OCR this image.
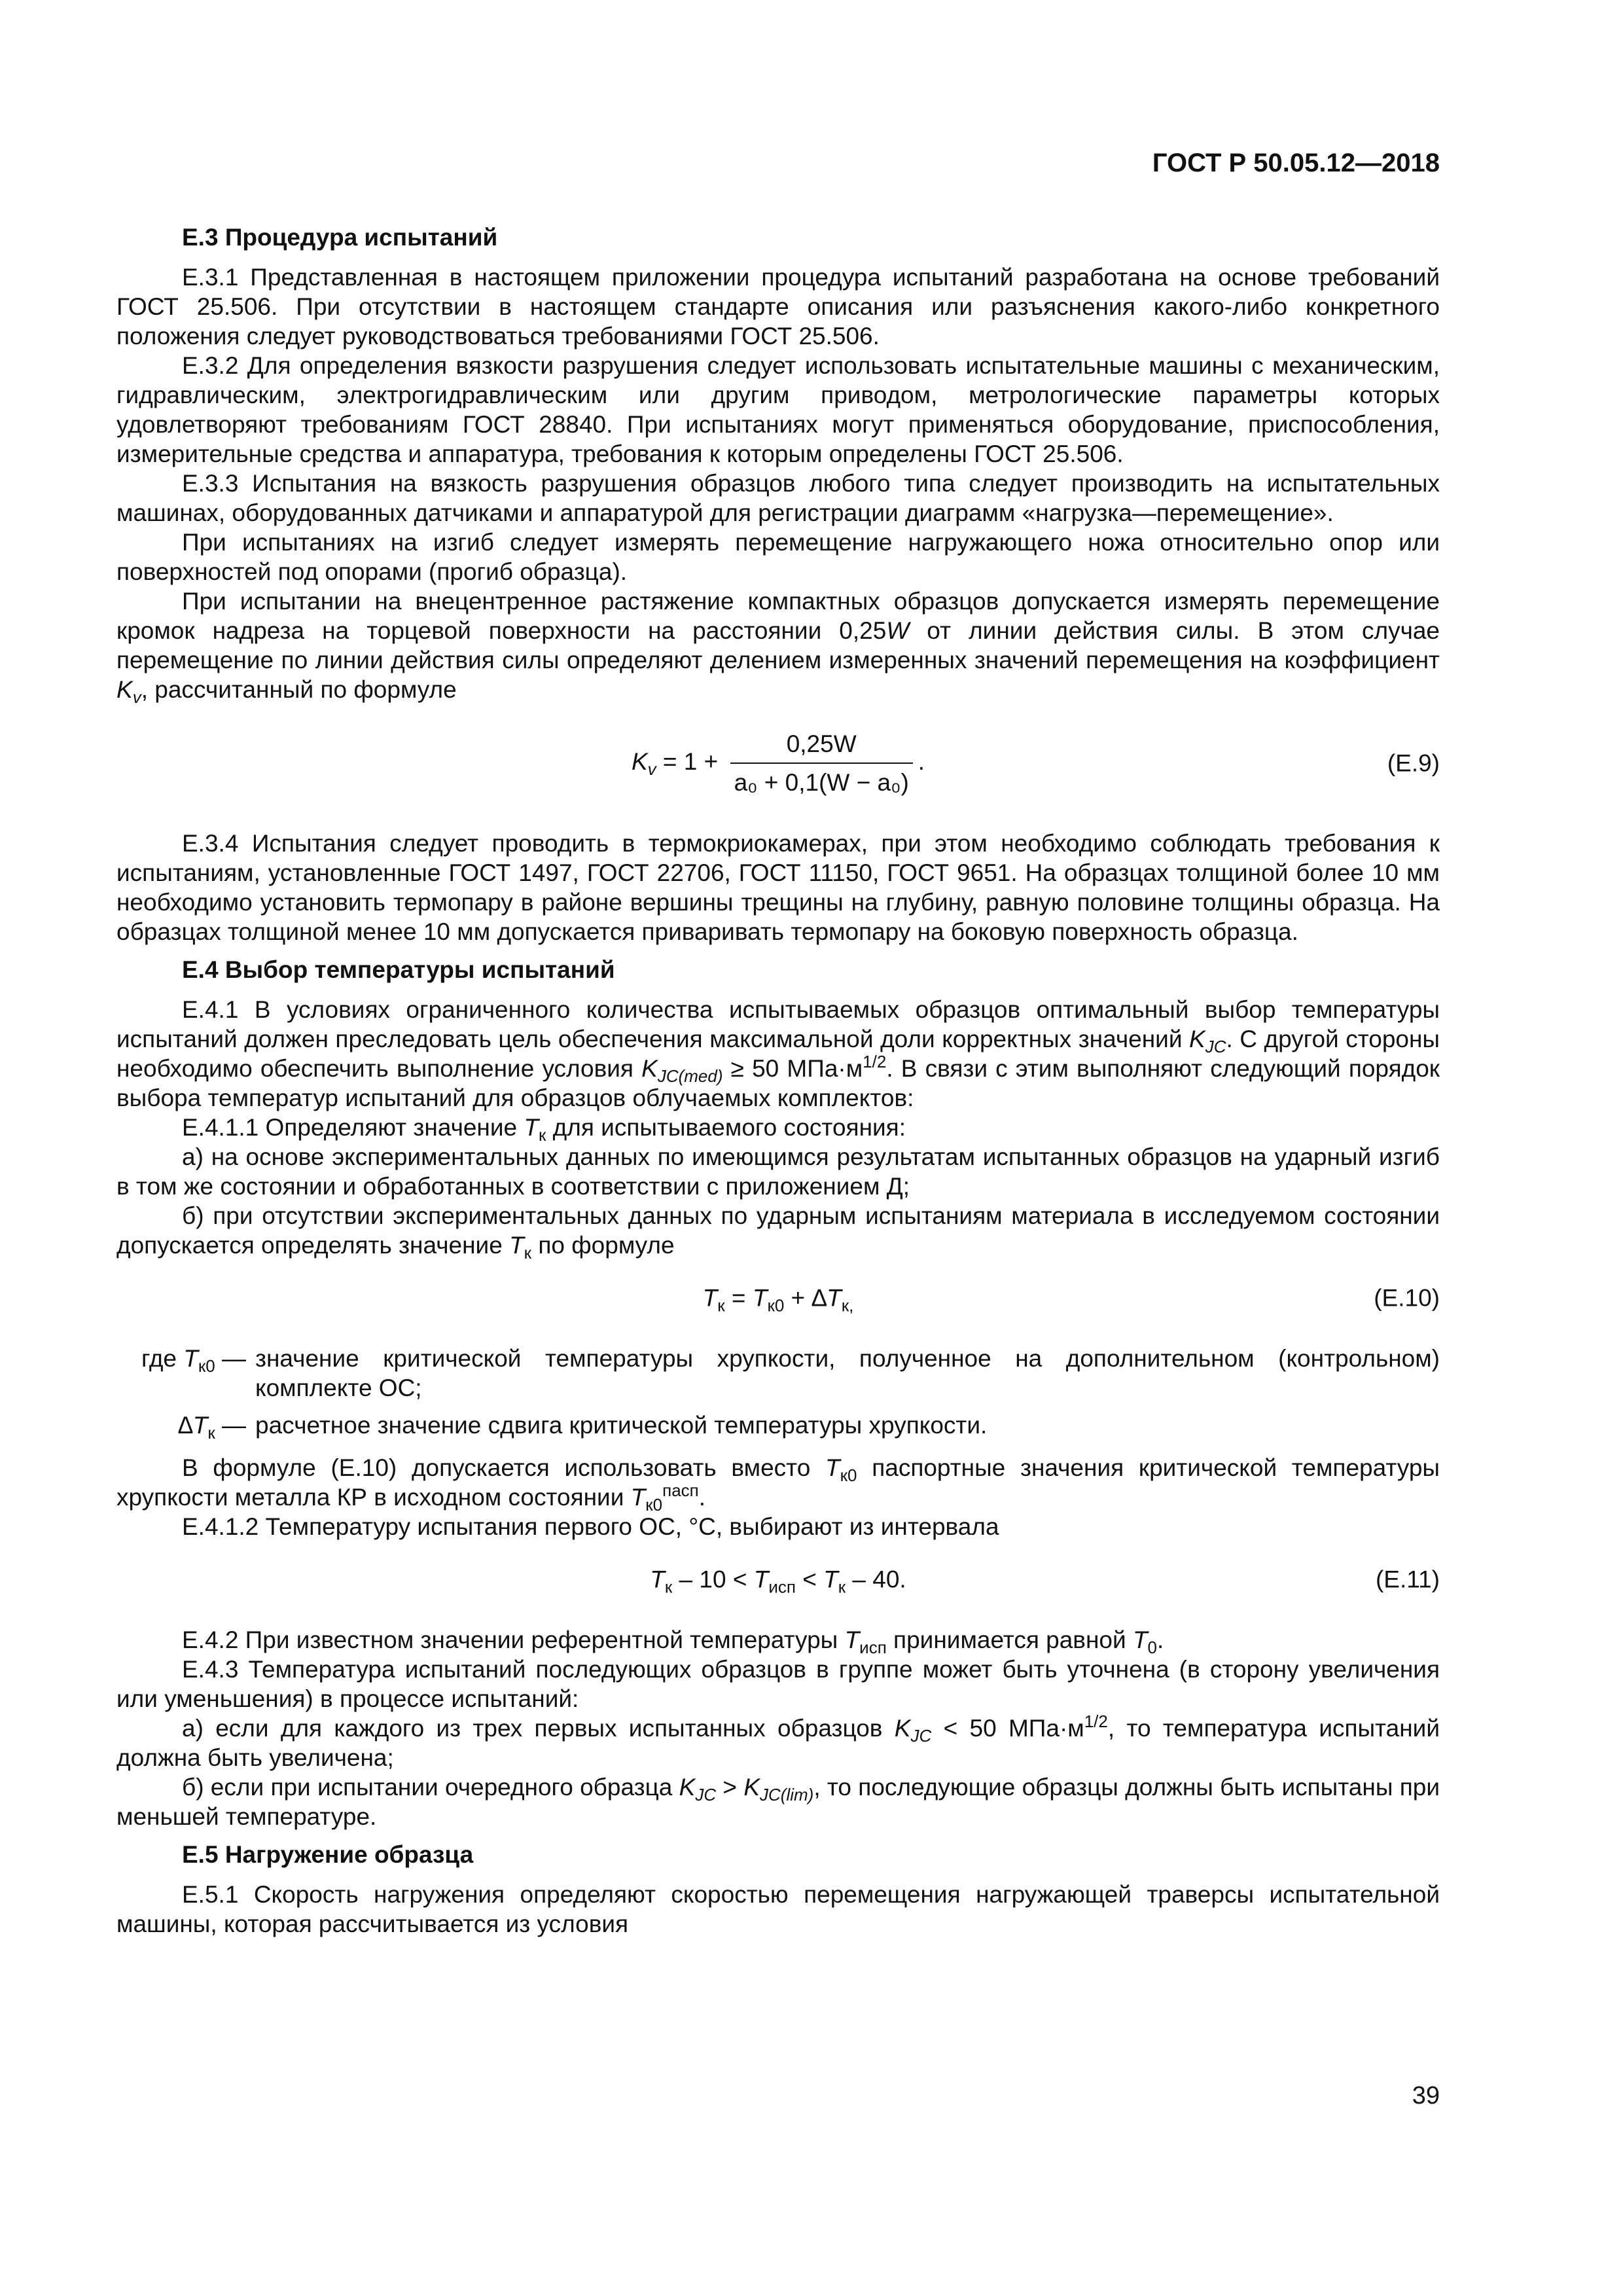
ГОСТ Р 50.05.12—2018
Е.3 Процедура испытаний

Е.3.1 Представленная в настоящем приложении процедура испытаний разработана на основе требований ГОСТ 25.506. При отсутствии в настоящем стандарте описания или разъяснения какого-либо конкретного положения следует руководствоваться требованиями ГОСТ 25.506.

Е.3.2 Для определения вязкости разрушения следует использовать испытательные машины с механическим, гидравлическим, электрогидравлическим или другим приводом, метрологические параметры которых удовлетворяют требованиям ГОСТ 28840. При испытаниях могут применяться оборудование, приспособления, измерительные средства и аппаратура, требования к которым определены ГОСТ 25.506.

Е.3.3 Испытания на вязкость разрушения образцов любого типа следует производить на испытательных машинах, оборудованных датчиками и аппаратурой для регистрации диаграмм «нагрузка—перемещение».

При испытаниях на изгиб следует измерять перемещение нагружающего ножа относительно опор или поверхностей под опорами (прогиб образца).

При испытании на внецентренное растяжение компактных образцов допускается измерять перемещение кромок надреза на торцевой поверхности на расстоянии 0,25W от линии действия силы. В этом случае перемещение по линии действия силы определяют делением измеренных значений перемещения на коэффициент $K_v$, рассчитанный по формуле

$K_v = 1 + \frac{0,25W}{\text{a₀ + 0,1(W − a₀)}}$ .	(Е.9)

Е.3.4 Испытания следует проводить в термокриокамерах, при этом необходимо соблюдать требования к испытаниям, установленные ГОСТ 1497, ГОСТ 22706, ГОСТ 11150, ГОСТ 9651. На образцах толщиной более 10 мм необходимо установить термопару в районе вершины трещины на глубину, равную половине толщины образца. На образцах толщиной менее 10 мм допускается приваривать термопару на боковую поверхность образца.

Е.4 Выбор температуры испытаний

Е.4.1 В условиях ограниченного количества испытываемых образцов оптимальный выбор температуры испытаний должен преследовать цель обеспечения максимальной доли корректных значений $K_{JC}$. С другой стороны необходимо обеспечить выполнение условия $K_{JC(med)} \ge 50$ $МПа\cdot м^{1/2}$. В связи с этим выполняют следующий порядок выбора температур испытаний для образцов облучаемых комплектов:

Е.4.1.1 Определяют значение $T_к$ для испытываемого состояния:

а) на основе экспериментальных данных по имеющимся результатам испытанных образцов на ударный изгиб в том же состоянии и обработанных в соответствии с приложением Д;

б) при отсутствии экспериментальных данных по ударным испытаниям материала в исследуемом состоянии допускается определять значение $T_к$ по формуле

$T_к = T_{к0} + \Delta T_{к,}$	(Е.10)
где $T_{к0}$ — значение критической температуры хрупкости, полученное на дополнительном (контрольном) комплекте ОС;
$\Delta T_к$ — расчетное значение сдвига критической температуры хрупкости.

В формуле (Е.10) допускается использовать вместо $T_{к0}$ паспортные значения критической температуры хрупкости металла КР в исходном состоянии $T_{к0}^{пасп}$.

Е.4.1.2 Температуру испытания первого ОС, °С, выбирают из интервала

$T_к - 10 < T_{исп} < T_к - 40$.	(Е.11)

Е.4.2 При известном значении референтной температуры $T_{исп}$ принимается равной $T_0$.

Е.4.3 Температура испытаний последующих образцов в группе может быть уточнена (в сторону увеличения или уменьшения) в процессе испытаний:

а) если для каждого из трех первых испытанных образцов $K_{JC} < 50$ $МПа\cdot м^{1/2}$, то температура испытаний должна быть увеличена;

б) если при испытании очередного образца $K_{JC} > K_{JC(lim)}$, то последующие образцы должны быть испытаны при меньшей температуре.

Е.5 Нагружение образца

Е.5.1 Скорость нагружения определяют скоростью перемещения нагружающей траверсы испытательной машины, которая рассчитывается из условия

39
